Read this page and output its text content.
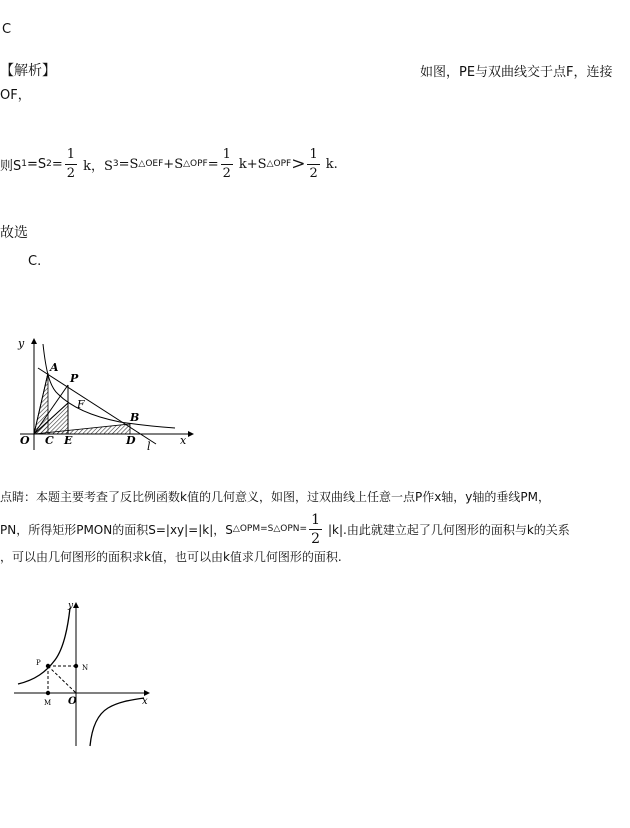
C
【解析】	如图，PE与双曲线交于点F，连接
OF，
则S 1 =S $2 = \frac{1}{2}$ k，S 3 =S △OEF +S △OPF = $\frac{1}{2} k+S$ △OPF > $\frac{1}{2} k$.
故选
C.
y
x
O
A
P
F
B
C E	D l
点睛：本题主要考查了反比例函数k值的几何意义，如图，过双曲线上任意一点P作x轴，y轴的垂线PM，
PN，所得矩形PMON的面积S=|xy|=|k|，S △OPM=S△OPN= $\frac{1}{2} |k|$.由此就建立起了几何图形的面积与k的关系
，可以由几何图形的面积求k值，也可以由k值求几何图形的面积.
y
x
O
P
N
M
